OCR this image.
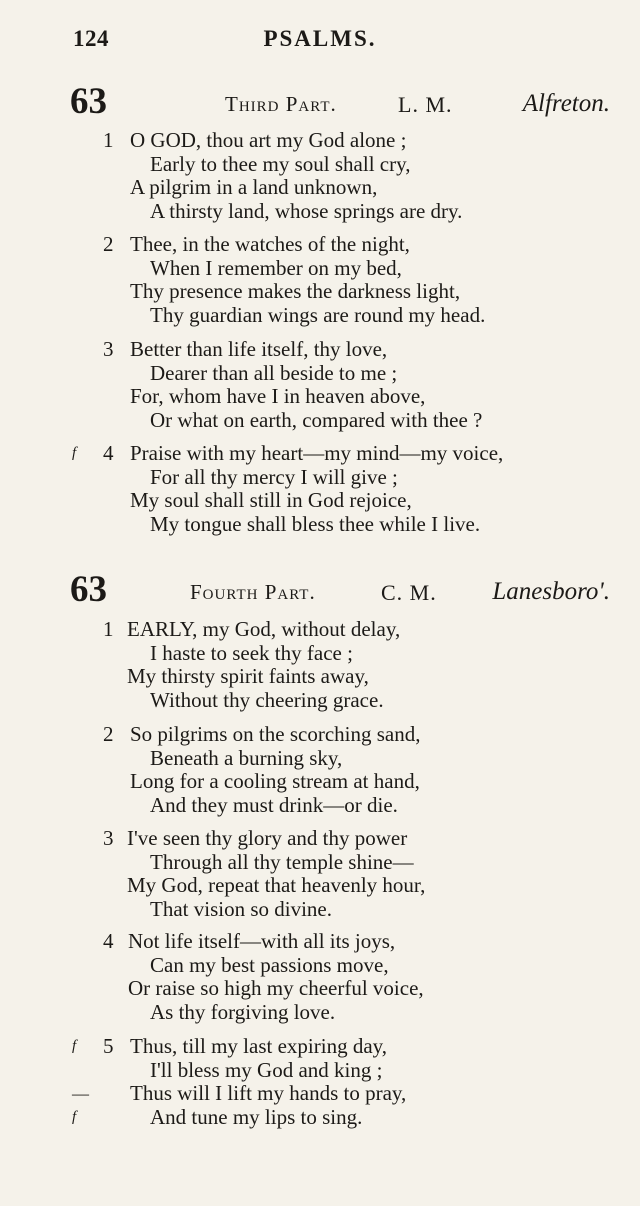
124	PSALMS.
63	Third Part.	L. M.	Alfreton.
1 O GOD, thou art my God alone ;
Early to thee my soul shall cry,
A pilgrim in a land unknown,
A thirsty land, whose springs are dry.
2 Thee, in the watches of the night,
When I remember on my bed,
Thy presence makes the darkness light,
Thy guardian wings are round my head.
3 Better than life itself, thy love,
Dearer than all beside to me ;
For, whom have I in heaven above,
Or what on earth, compared with thee ?
f 4 Praise with my heart—my mind—my voice,
For all thy mercy I will give ;
My soul shall still in God rejoice,
My tongue shall bless thee while I live.
63	Fourth Part.	C. M. Lanesboro'.
1 EARLY, my God, without delay,
I haste to seek thy face ;
My thirsty spirit faints away,
Without thy cheering grace.
2 So pilgrims on the scorching sand,
Beneath a burning sky,
Long for a cooling stream at hand,
And they must drink—or die.
3 I've seen thy glory and thy power
Through all thy temple shine—
My God, repeat that heavenly hour,
That vision so divine.
4 Not life itself—with all its joys,
Can my best passions move,
Or raise so high my cheerful voice,
As thy forgiving love.
f 5 Thus, till my last expiring day,
I'll bless my God and king ;
— Thus will I lift my hands to pray,
f	And tune my lips to sing.
